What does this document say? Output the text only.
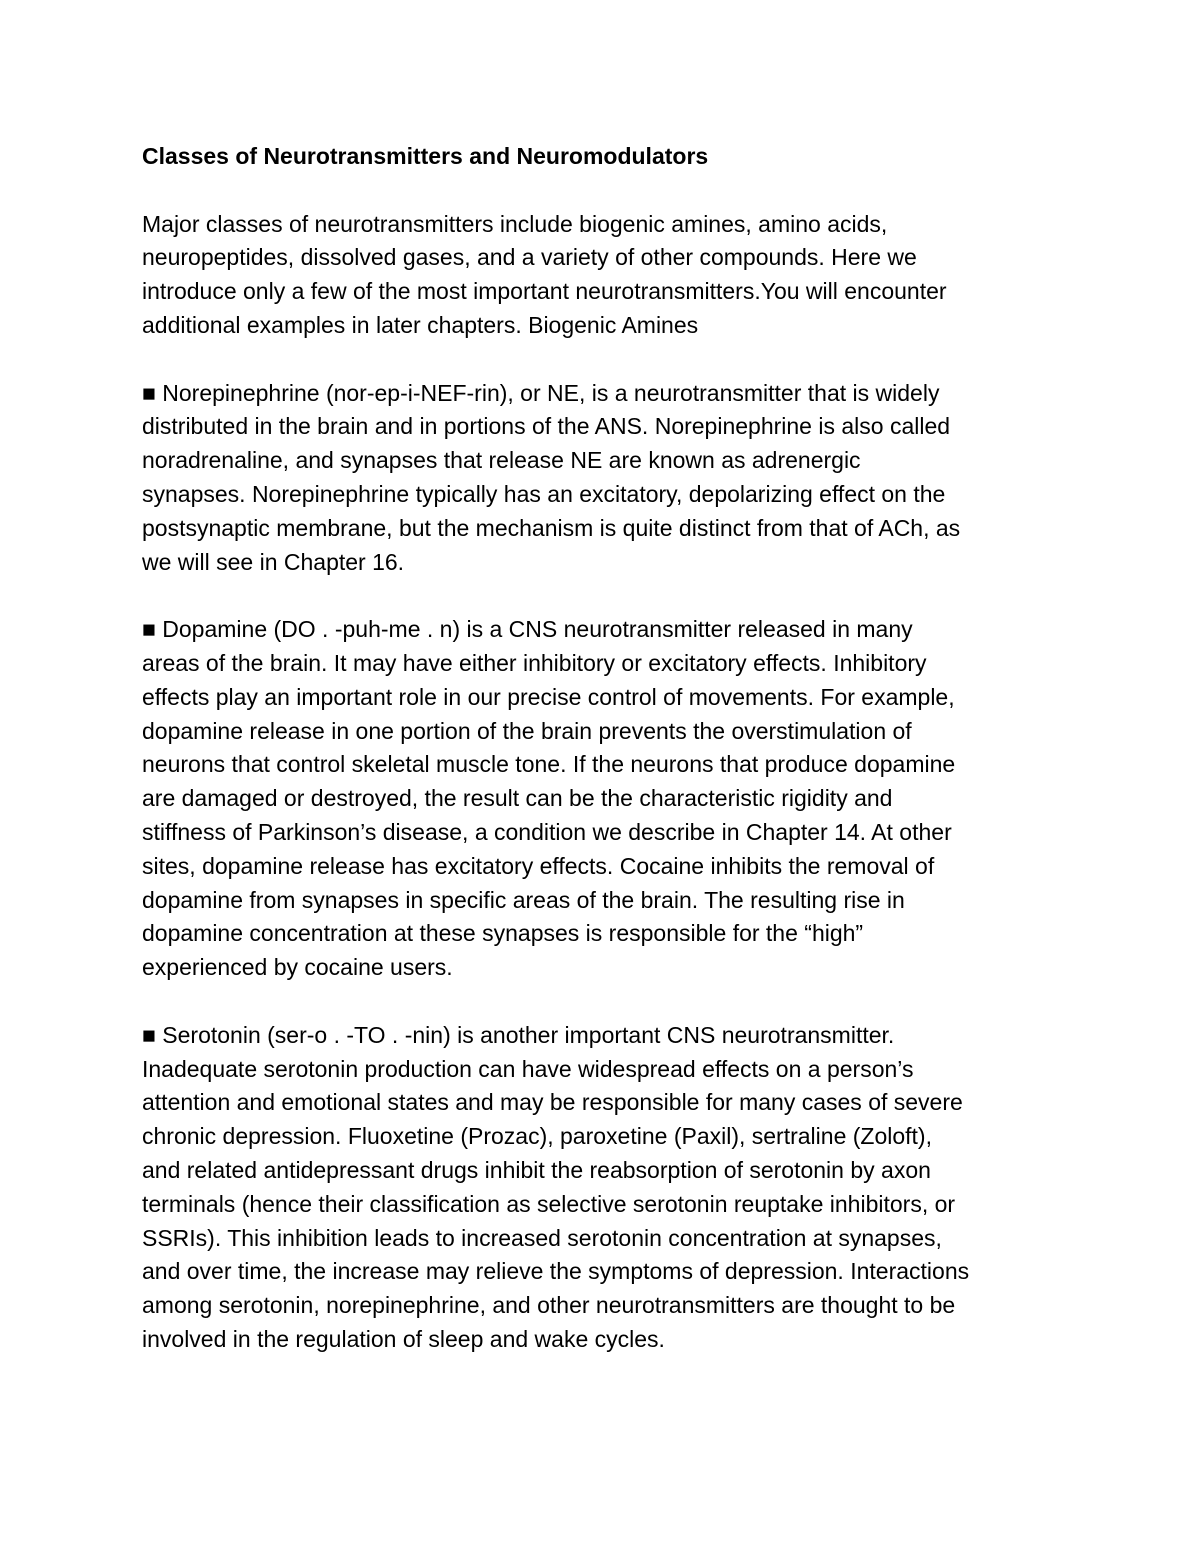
Classes of Neurotransmitters and Neuromodulators

Major classes of neurotransmitters include biogenic amines, amino acids,
neuropeptides, dissolved gases, and a variety of other compounds. Here we
introduce only a few of the most important neurotransmitters.You will encounter
additional examples in later chapters. Biogenic Amines

■ Norepinephrine (nor-ep-i-NEF-rin), or NE, is a neurotransmitter that is widely
distributed in the brain and in portions of the ANS. Norepinephrine is also called
noradrenaline, and synapses that release NE are known as adrenergic
synapses. Norepinephrine typically has an excitatory, depolarizing effect on the
postsynaptic membrane, but the mechanism is quite distinct from that of ACh, as
we will see in Chapter 16.

■ Dopamine (DO . -puh-me . n) is a CNS neurotransmitter released in many
areas of the brain. It may have either inhibitory or excitatory effects. Inhibitory
effects play an important role in our precise control of movements. For example,
dopamine release in one portion of the brain prevents the overstimulation of
neurons that control skeletal muscle tone. If the neurons that produce dopamine
are damaged or destroyed, the result can be the characteristic rigidity and
stiffness of Parkinson’s disease, a condition we describe in Chapter 14. At other
sites, dopamine release has excitatory effects. Cocaine inhibits the removal of
dopamine from synapses in specific areas of the brain. The resulting rise in
dopamine concentration at these synapses is responsible for the “high”
experienced by cocaine users.

■ Serotonin (ser-o . -TO . -nin) is another important CNS neurotransmitter.
Inadequate serotonin production can have widespread effects on a person’s
attention and emotional states and may be responsible for many cases of severe
chronic depression. Fluoxetine (Prozac), paroxetine (Paxil), sertraline (Zoloft),
and related antidepressant drugs inhibit the reabsorption of serotonin by axon
terminals (hence their classification as selective serotonin reuptake inhibitors, or
SSRIs). This inhibition leads to increased serotonin concentration at synapses,
and over time, the increase may relieve the symptoms of depression. Interactions
among serotonin, norepinephrine, and other neurotransmitters are thought to be
involved in the regulation of sleep and wake cycles.
